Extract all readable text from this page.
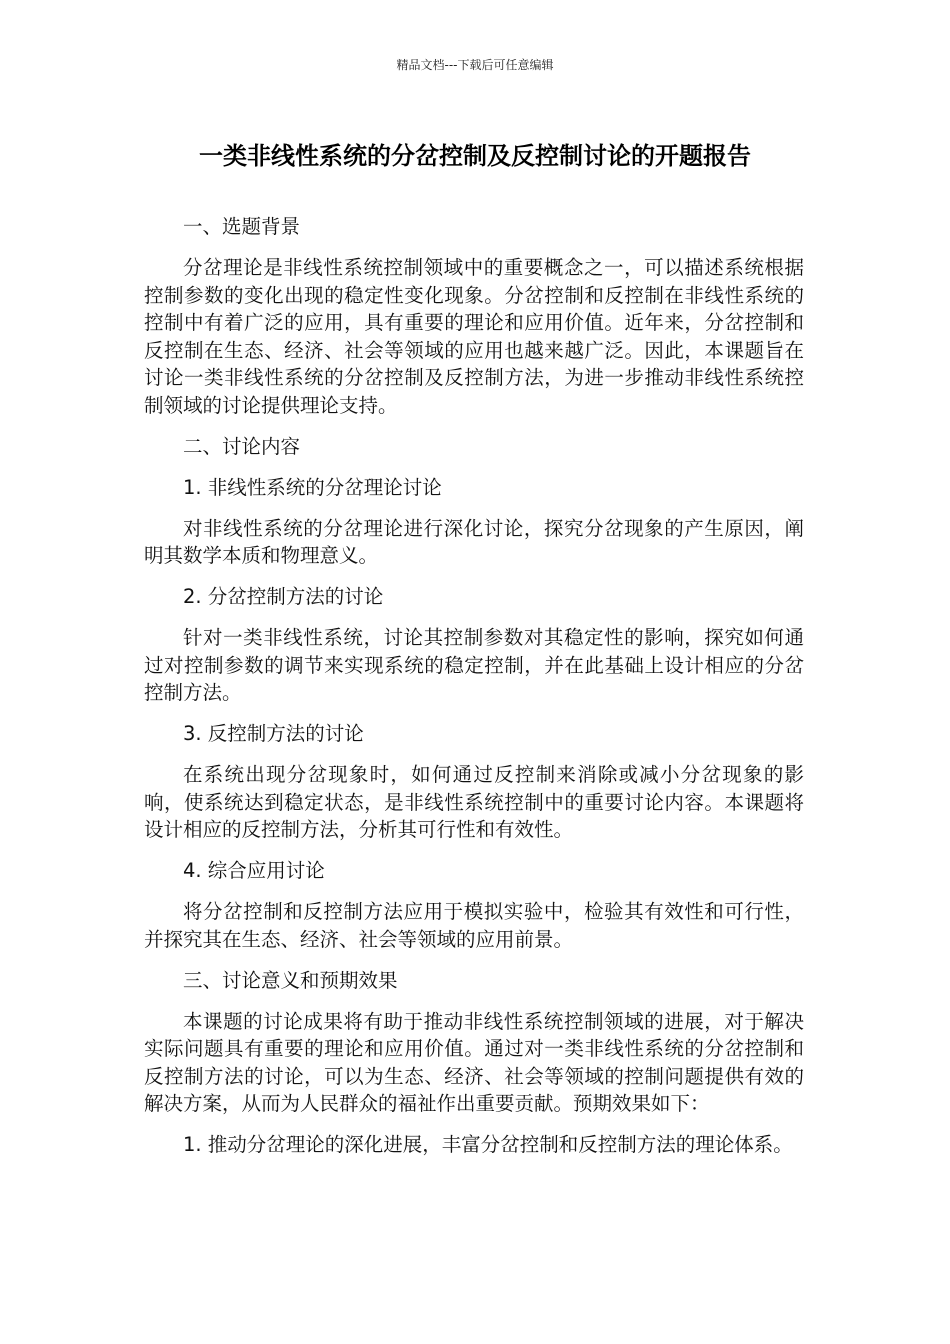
精品文档---下载后可任意编辑
一类非线性系统的分岔控制及反控制讨论的开题报告

一、选题背景

分岔理论是非线性系统控制领域中的重要概念之一，可以描述系统根据控制参数的变化出现的稳定性变化现象。分岔控制和反控制在非线性系统的控制中有着广泛的应用，具有重要的理论和应用价值。近年来，分岔控制和反控制在生态、经济、社会等领域的应用也越来越广泛。因此，本课题旨在讨论一类非线性系统的分岔控制及反控制方法，为进一步推动非线性系统控制领域的讨论提供理论支持。

二、讨论内容

1. 非线性系统的分岔理论讨论

对非线性系统的分岔理论进行深化讨论，探究分岔现象的产生原因，阐明其数学本质和物理意义。

2. 分岔控制方法的讨论

针对一类非线性系统，讨论其控制参数对其稳定性的影响，探究如何通过对控制参数的调节来实现系统的稳定控制，并在此基础上设计相应的分岔控制方法。

3. 反控制方法的讨论

在系统出现分岔现象时，如何通过反控制来消除或减小分岔现象的影响，使系统达到稳定状态，是非线性系统控制中的重要讨论内容。本课题将设计相应的反控制方法，分析其可行性和有效性。

4. 综合应用讨论

将分岔控制和反控制方法应用于模拟实验中，检验其有效性和可行性，并探究其在生态、经济、社会等领域的应用前景。

三、讨论意义和预期效果

本课题的讨论成果将有助于推动非线性系统控制领域的进展，对于解决实际问题具有重要的理论和应用价值。通过对一类非线性系统的分岔控制和反控制方法的讨论，可以为生态、经济、社会等领域的控制问题提供有效的解决方案，从而为人民群众的福祉作出重要贡献。预期效果如下：

1. 推动分岔理论的深化进展，丰富分岔控制和反控制方法的理论体系。
